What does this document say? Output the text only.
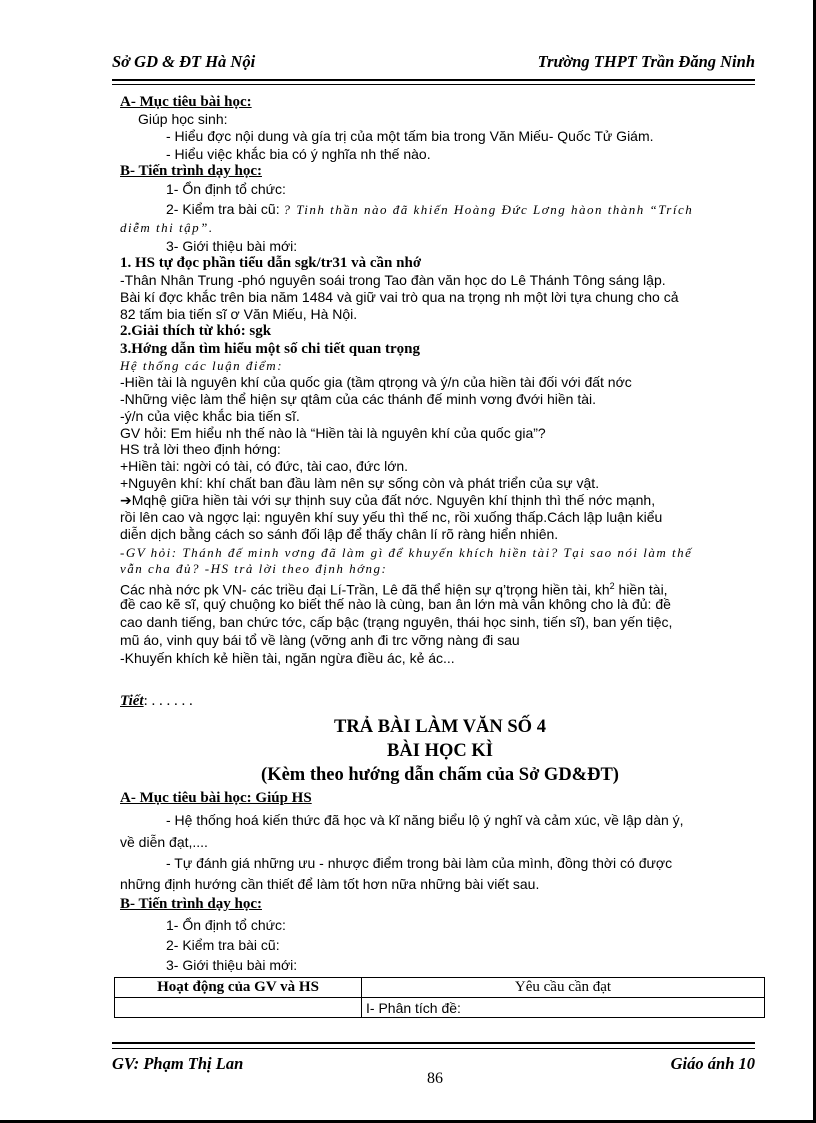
Sở GD & ĐT Hà Nội	Trường THPT Trần Đăng Ninh
A- Mục tiêu bài học:
Giúp học sinh:
- Hiểu đợc nội dung và gía trị của một tấm bia trong Văn Miếu- Quốc Tử Giám.
- Hiểu việc khắc bia có ý nghĩa nh thế nào.
B- Tiến trình dạy học:
1- Ổn định tổ chức:
2- Kiểm tra bài cũ: ? Tinh thần nào đã khiến Hoàng Đức Lơng hàon thành “Trích
diễm thi tập”.
3- Giới thiệu bài mới:
1. HS tự đọc phần tiểu dẫn sgk/tr31 và cần nhớ
-Thân Nhân Trung -phó nguyên soái trong Tao đàn văn học do Lê Thánh Tông sáng lập.
Bài kí đợc khắc trên bia năm 1484 và giữ vai trò qua na trọng nh một lời tựa chung cho cả
82 tấm bia tiến sĩ ơ Văn Miếu, Hà Nội.
2.Giải thích từ khó: sgk
3.Hớng dẫn tìm hiểu một số chi tiết quan trọng
Hệ thống các luận điểm:
-Hiền tài là nguyên khí của quốc gia (tầm qtrọng và ý/n của hiền tài đối với đất nớc
-Những việc làm thể hiện sự qtâm của các thánh đế minh vơng đvới hiền tài.
-ý/n của việc khắc bia tiến sĩ.
GV hỏi: Em hiểu nh thế nào là “Hiền tài là nguyên khí của quốc gia”?
HS trả lời theo định hớng:
+Hiền tài: ngời có tài, có đức, tài cao, đức lớn.
+Nguyên khí: khí chất ban đầu làm nên sự sống còn và phát triển của sự vật.
➔Mqhệ giữa hiền tài với sự thịnh suy của đất nớc. Nguyên khí thịnh thì thế nớc mạnh,
rồi lên cao và ngợc lại: nguyên khí suy yếu thì thế nc, rồi xuống thấp.Cách lập luận kiểu
diễn dịch bằng cách so sánh đối lập để thấy chân lí rõ ràng hiển nhiên.
-GV hỏi: Thánh đế minh vơng đã làm gì để khuyến khích hiền tài? Tại sao nói làm thế
vẫn cha đủ? -HS trả lời theo định hớng:
Các nhà nớc pk VN- các triều đại Lí-Trần, Lê đã thể hiện sự q’trọng hiền tài, $kh^2$ hiền tài,
đề cao kẽ sĩ, quý chuộng ko biết thế nào là cùng, ban ân lớn mà vẫn không cho là đủ: đề
cao danh tiếng, ban chức tớc, cấp bậc (trạng nguyên, thái học sinh, tiến sĩ), ban yến tiệc,
mũ áo, vinh quy bái tổ về làng (vỡng anh đi trc vỡng nàng đi sau
-Khuyến khích kẻ hiền tài, ngăn ngừa điều ác, kẻ ác...
Tiết: . . . . . .
TRẢ BÀI LÀM VĂN SỐ 4
BÀI HỌC KÌ
(Kèm theo hướng dẫn chấm của Sở GD&ĐT)
A- Mục tiêu bài học: Giúp HS
- Hệ thống hoá kiến thức đã học và kĩ năng biểu lộ ý nghĩ và cảm xúc, về lập dàn ý,
về diễn đạt,....
- Tự đánh giá những ưu - nhược điểm trong bài làm của mình, đồng thời có được
những định hướng cần thiết để làm tốt hơn nữa những bài viết sau.
B- Tiến trình dạy học:
1- Ổn định tổ chức:
2- Kiểm tra bài cũ:
3- Giới thiệu bài mới:
Hoạt động của GV và HS	Yêu cầu cần đạt
	I- Phân tích đề:
GV: Phạm Thị Lan	Giáo ánh 10
86
